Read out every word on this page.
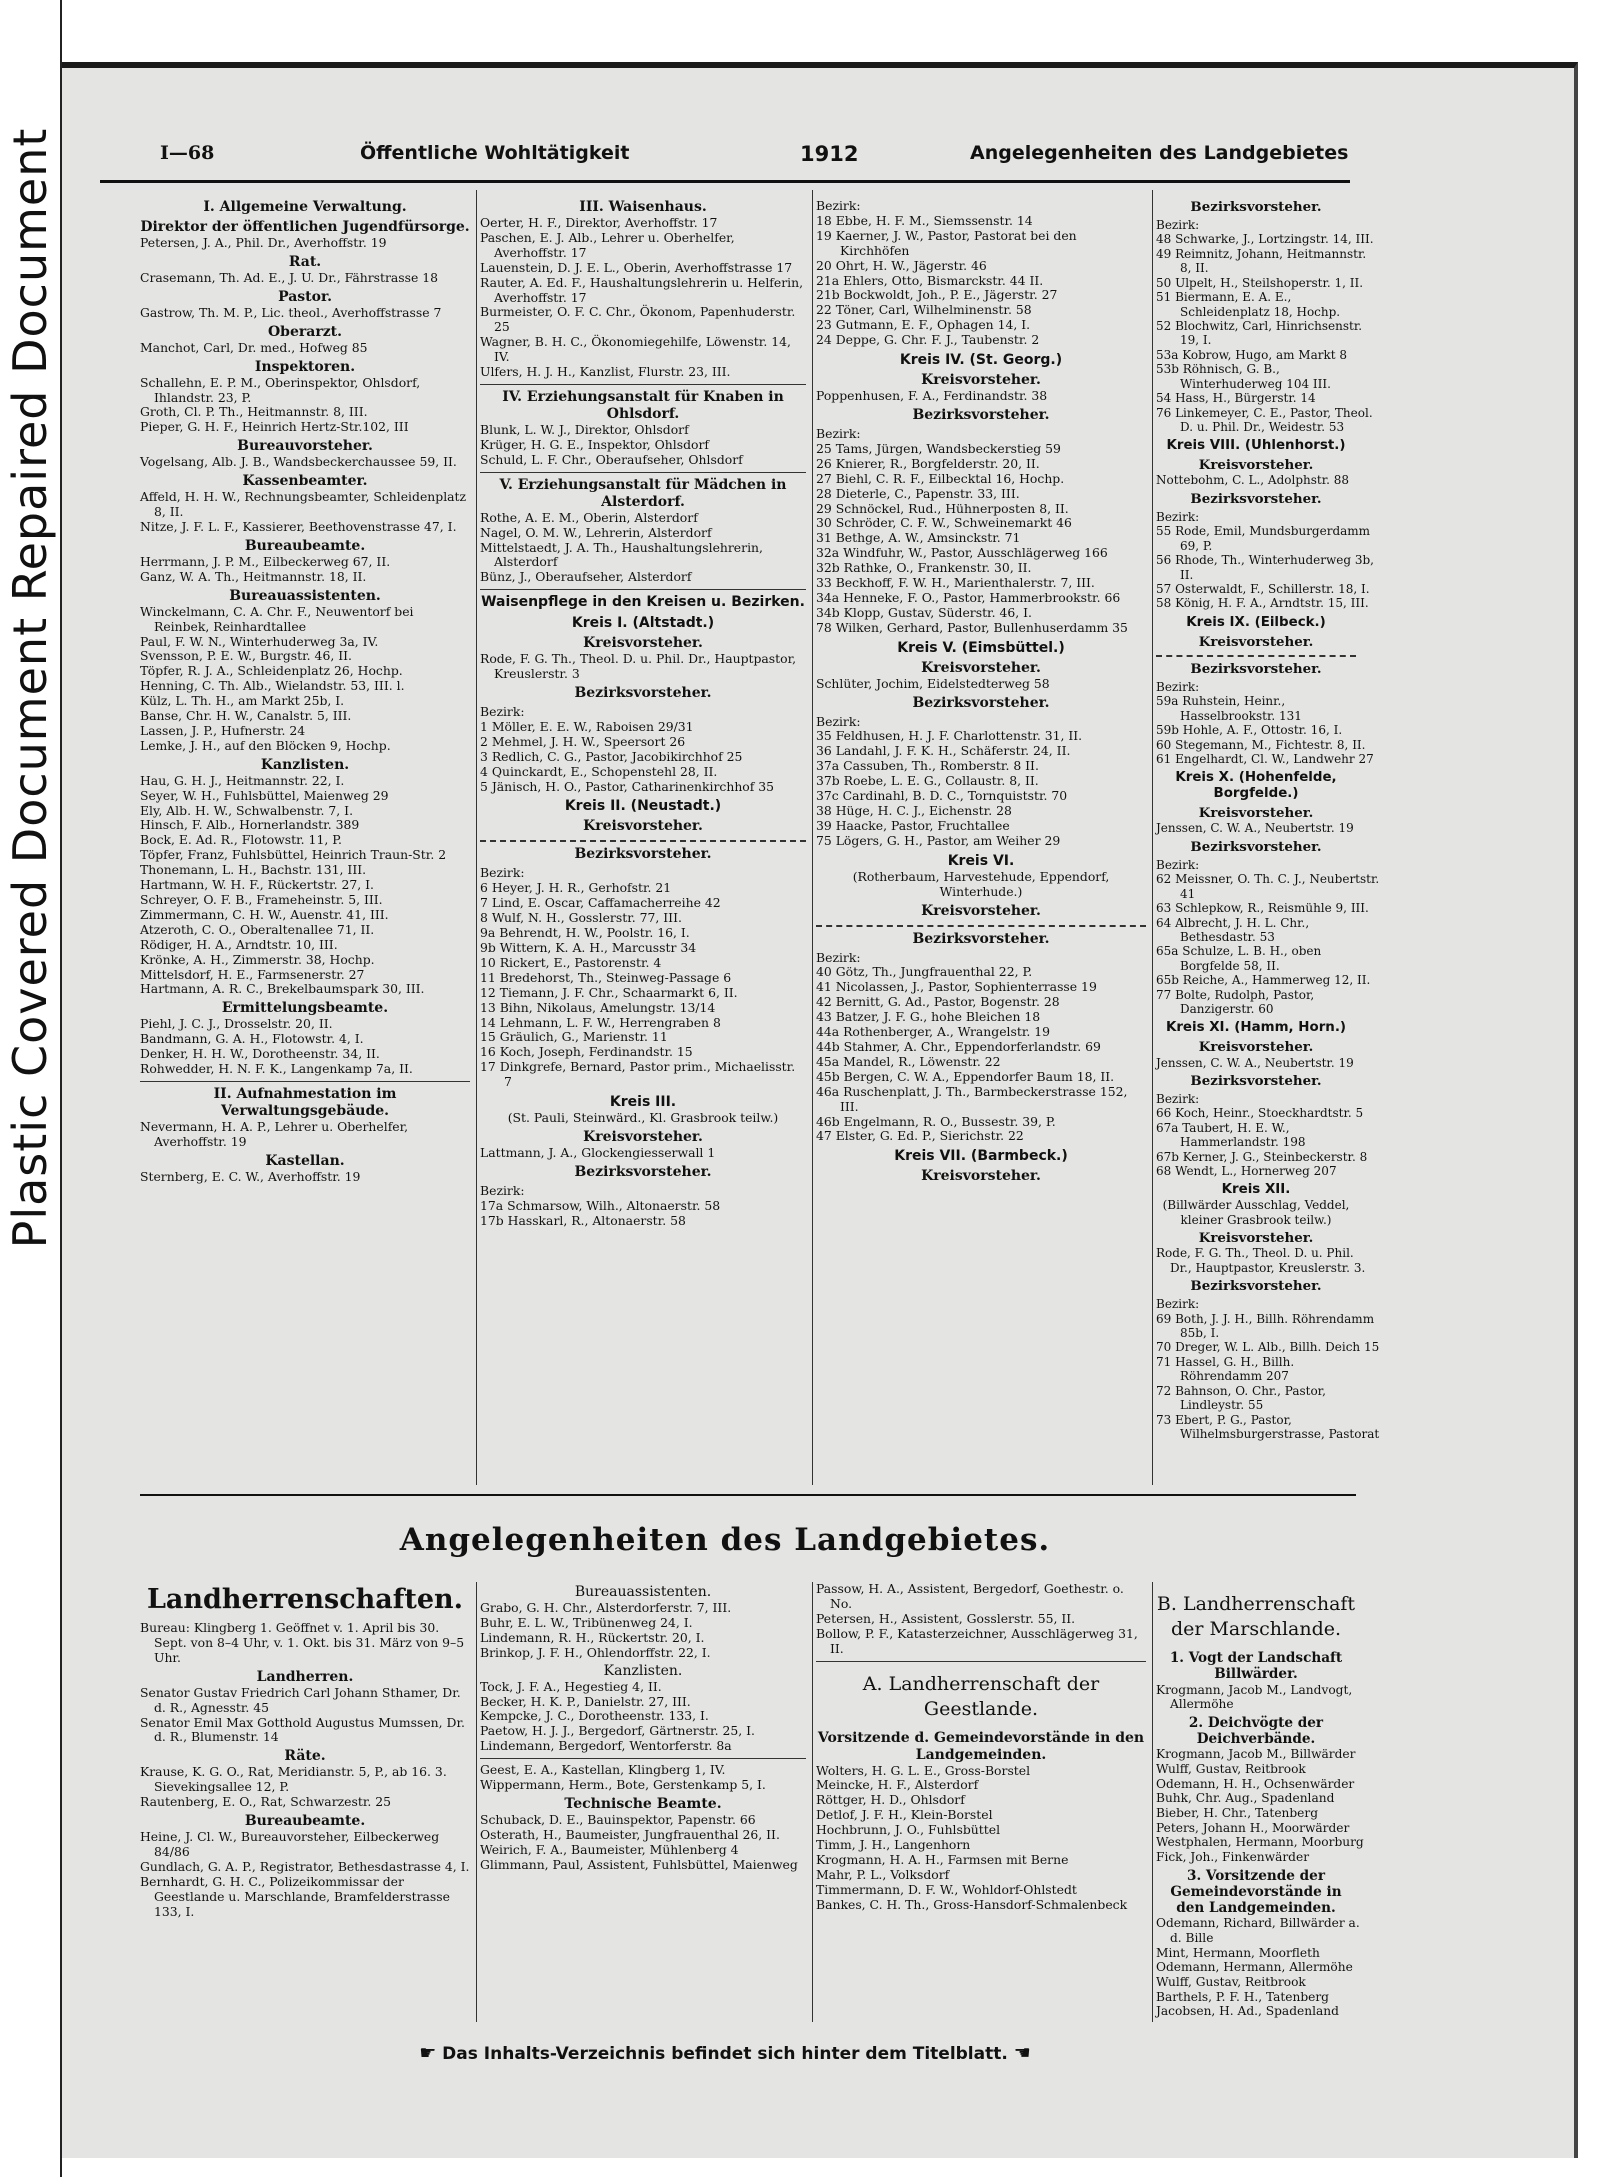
Plastic Covered Document Repaired Document	I—68	Öffentliche Wohltätigkeit	1912	Angelegenheiten des Landgebietes
I. Allgemeine Verwaltung.
Direktor der öffentlichen Jugendfürsorge.
Petersen, J. A., Phil. Dr., Averhoffstr. 19
Rat.
Crasemann, Th. Ad. E., J. U. Dr., Fährstrasse 18
Pastor.
Gastrow, Th. M. P., Lic. theol., Averhoffstrasse 7
Oberarzt.
Manchot, Carl, Dr. med., Hofweg 85
Inspektoren.
Schallehn, E. P. M., Oberinspektor, Ohlsdorf, Ihlandstr. 23, P.
Groth, Cl. P. Th., Heitmannstr. 8, III.
Pieper, G. H. F., Heinrich Hertz-Str.102, III
Bureauvorsteher.
Vogelsang, Alb. J. B., Wandsbeckerchaussee 59, II.
Kassenbeamter.
Affeld, H. H. W., Rechnungsbeamter, Schleidenplatz 8, II.
Nitze, J. F. L. F., Kassierer, Beethovenstrasse 47, I.
Bureaubeamte.
Herrmann, J. P. M., Eilbeckerweg 67, II.
Ganz, W. A. Th., Heitmannstr. 18, II.
Bureauassistenten.
Winckelmann, C. A. Chr. F., Neuwentorf bei Reinbek, Reinhardtallee
Paul, F. W. N., Winterhuderweg 3a, IV.
Svensson, P. E. W., Burgstr. 46, II.
Töpfer, R. J. A., Schleidenplatz 26, Hochp.
Henning, C. Th. Alb., Wielandstr. 53, III. l.
Külz, L. Th. H., am Markt 25b, I.
Banse, Chr. H. W., Canalstr. 5, III.
Lassen, J. P., Hufnerstr. 24
Lemke, J. H., auf den Blöcken 9, Hochp.
Kanzlisten.
Hau, G. H. J., Heitmannstr. 22, I.
Seyer, W. H., Fuhlsbüttel, Maienweg 29
Ely, Alb. H. W., Schwalbenstr. 7, I.
Hinsch, F. Alb., Hornerlandstr. 389
Bock, E. Ad. R., Flotowstr. 11, P.
Töpfer, Franz, Fuhlsbüttel, Heinrich Traun-Str. 2
Thonemann, L. H., Bachstr. 131, III.
Hartmann, W. H. F., Rückertstr. 27, I.
Schreyer, O. F. B., Frameheinstr. 5, III.
Zimmermann, C. H. W., Auenstr. 41, III.
Atzeroth, C. O., Oberaltenallee 71, II.
Rödiger, H. A., Arndtstr. 10, III.
Krönke, A. H., Zimmerstr. 38, Hochp.
Mittelsdorf, H. E., Farmsenerstr. 27
Hartmann, A. R. C., Brekelbaumspark 30, III.
Ermittelungsbeamte.
Piehl, J. C. J., Drosselstr. 20, II.
Bandmann, G. A. H., Flotowstr. 4, I.
Denker, H. H. W., Dorotheenstr. 34, II.
Rohwedder, H. N. F. K., Langenkamp 7a, II.
II. Aufnahmestation im Verwaltungsgebäude.
Nevermann, H. A. P., Lehrer u. Oberhelfer, Averhoffstr. 19
Kastellan.
Sternberg, E. C. W., Averhoffstr. 19
III. Waisenhaus.
Oerter, H. F., Direktor, Averhoffstr. 17
Paschen, E. J. Alb., Lehrer u. Oberhelfer, Averhoffstr. 17
Lauenstein, D. J. E. L., Oberin, Averhoffstrasse 17
Rauter, A. Ed. F., Haushaltungslehrerin u. Helferin, Averhoffstr. 17
Burmeister, O. F. C. Chr., Ökonom, Papenhuderstr. 25
Wagner, B. H. C., Ökonomiegehilfe, Löwenstr. 14, IV.
Ulfers, H. J. H., Kanzlist, Flurstr. 23, III.
IV. Erziehungsanstalt für Knaben in Ohlsdorf.
Blunk, L. W. J., Direktor, Ohlsdorf
Krüger, H. G. E., Inspektor, Ohlsdorf
Schuld, L. F. Chr., Oberaufseher, Ohlsdorf
V. Erziehungsanstalt für Mädchen in Alsterdorf.
Rothe, A. E. M., Oberin, Alsterdorf
Nagel, O. M. W., Lehrerin, Alsterdorf
Mittelstaedt, J. A. Th., Haushaltungslehrerin, Alsterdorf
Bünz, J., Oberaufseher, Alsterdorf
Waisenpflege in den Kreisen u. Bezirken.
Kreis I. (Altstadt.)
Kreisvorsteher.
Rode, F. G. Th., Theol. D. u. Phil. Dr., Hauptpastor, Kreuslerstr. 3
Bezirksvorsteher.
Bezirk:
1 Möller, E. E. W., Raboisen 29/31
2 Mehmel, J. H. W., Speersort 26
3 Redlich, C. G., Pastor, Jacobikirchhof 25
4 Quinckardt, E., Schopenstehl 28, II.
5 Jänisch, H. O., Pastor, Catharinenkirchhof 35
Kreis II. (Neustadt.)
Kreisvorsteher.
Bezirksvorsteher.
Bezirk:
6 Heyer, J. H. R., Gerhofstr. 21
7 Lind, E. Oscar, Caffamacherreihe 42
8 Wulf, N. H., Gosslerstr. 77, III.
9a Behrendt, H. W., Poolstr. 16, I.
9b Wittern, K. A. H., Marcusstr 34
10 Rickert, E., Pastorenstr. 4
11 Bredehorst, Th., Steinweg-Passage 6
12 Tiemann, J. F. Chr., Schaarmarkt 6, II.
13 Bihn, Nikolaus, Amelungstr. 13/14
14 Lehmann, L. F. W., Herrengraben 8
15 Gräulich, G., Marienstr. 11
16 Koch, Joseph, Ferdinandstr. 15
17 Dinkgrefe, Bernard, Pastor prim., Michaelisstr. 7
Kreis III.
(St. Pauli, Steinwärd., Kl. Grasbrook teilw.)
Kreisvorsteher.
Lattmann, J. A., Glockengiesserwall 1
Bezirksvorsteher.
Bezirk:
17a Schmarsow, Wilh., Altonaerstr. 58
17b Hasskarl, R., Altonaerstr. 58
Bezirk:
18 Ebbe, H. F. M., Siemssenstr. 14
19 Kaerner, J. W., Pastor, Pastorat bei den Kirchhöfen
20 Ohrt, H. W., Jägerstr. 46
21a Ehlers, Otto, Bismarckstr. 44 II.
21b Bockwoldt, Joh., P. E., Jägerstr. 27
22 Töner, Carl, Wilhelminenstr. 58
23 Gutmann, E. F., Ophagen 14, I.
24 Deppe, G. Chr. F. J., Taubenstr. 2
Kreis IV. (St. Georg.)
Kreisvorsteher.
Poppenhusen, F. A., Ferdinandstr. 38
Bezirksvorsteher.
Bezirk:
25 Tams, Jürgen, Wandsbeckerstieg 59
26 Knierer, R., Borgfelderstr. 20, II.
27 Biehl, C. R. F., Eilbecktal 16, Hochp.
28 Dieterle, C., Papenstr. 33, III.
29 Schnöckel, Rud., Hühnerposten 8, II.
30 Schröder, C. F. W., Schweinemarkt 46
31 Bethge, A. W., Amsinckstr. 71
32a Windfuhr, W., Pastor, Ausschlägerweg 166
32b Rathke, O., Frankenstr. 30, II.
33 Beckhoff, F. W. H., Marienthalerstr. 7, III.
34a Henneke, F. O., Pastor, Hammerbrookstr. 66
34b Klopp, Gustav, Süderstr. 46, I.
78 Wilken, Gerhard, Pastor, Bullenhuserdamm 35
Kreis V. (Eimsbüttel.)
Kreisvorsteher.
Schlüter, Jochim, Eidelstedterweg 58
Bezirksvorsteher.
Bezirk:
35 Feldhusen, H. J. F. Charlottenstr. 31, II.
36 Landahl, J. F. K. H., Schäferstr. 24, II.
37a Cassuben, Th., Romberstr. 8 II.
37b Roebe, L. E. G., Collaustr. 8, II.
37c Cardinahl, B. D. C., Tornquiststr. 70
38 Hüge, H. C. J., Eichenstr. 28
39 Haacke, Pastor, Fruchtallee
75 Lögers, G. H., Pastor, am Weiher 29
Kreis VI.
(Rotherbaum, Harvestehude, Eppendorf, Winterhude.)
Kreisvorsteher.
Bezirksvorsteher.
Bezirk:
40 Götz, Th., Jungfrauenthal 22, P.
41 Nicolassen, J., Pastor, Sophienterrasse 19
42 Bernitt, G. Ad., Pastor, Bogenstr. 28
43 Batzer, J. F. G., hohe Bleichen 18
44a Rothenberger, A., Wrangelstr. 19
44b Stahmer, A. Chr., Eppendorferlandstr. 69
45a Mandel, R., Löwenstr. 22
45b Bergen, C. W. A., Eppendorfer Baum 18, II.
46a Ruschenplatt, J. Th., Barmbeckerstrasse 152, III.
46b Engelmann, R. O., Bussestr. 39, P.
47 Elster, G. Ed. P., Sierichstr. 22
Kreis VII. (Barmbeck.)
Kreisvorsteher.
Bezirksvorsteher.
Bezirk:
48 Schwarke, J., Lortzingstr. 14, III.
49 Reimnitz, Johann, Heitmannstr. 8, II.
50 Ulpelt, H., Steilshoperstr. 1, II.
51 Biermann, E. A. E., Schleidenplatz 18, Hochp.
52 Blochwitz, Carl, Hinrichsenstr. 19, I.
53a Kobrow, Hugo, am Markt 8
53b Röhnisch, G. B., Winterhuderweg 104 III.
54 Hass, H., Bürgerstr. 14
76 Linkemeyer, C. E., Pastor, Theol. D. u. Phil. Dr., Weidestr. 53
Kreis VIII. (Uhlenhorst.)
Kreisvorsteher.
Nottebohm, C. L., Adolphstr. 88
Bezirksvorsteher.
Bezirk:
55 Rode, Emil, Mundsburgerdamm 69, P.
56 Rhode, Th., Winterhuderweg 3b, II.
57 Osterwaldt, F., Schillerstr. 18, I.
58 König, H. F. A., Arndtstr. 15, III.
Kreis IX. (Eilbeck.)
Kreisvorsteher.
Bezirksvorsteher.
Bezirk:
59a Ruhstein, Heinr., Hasselbrookstr. 131
59b Hohle, A. F., Ottostr. 16, I.
60 Stegemann, M., Fichtestr. 8, II.
61 Engelhardt, Cl. W., Landwehr 27
Kreis X. (Hohenfelde, Borgfelde.)
Kreisvorsteher.
Jenssen, C. W. A., Neubertstr. 19
Bezirksvorsteher.
Bezirk:
62 Meissner, O. Th. C. J., Neubertstr. 41
63 Schlepkow, R., Reismühle 9, III.
64 Albrecht, J. H. L. Chr., Bethesdastr. 53
65a Schulze, L. B. H., oben Borgfelde 58, II.
65b Reiche, A., Hammerweg 12, II.
77 Bolte, Rudolph, Pastor, Danzigerstr. 60
Kreis XI. (Hamm, Horn.)
Kreisvorsteher.
Jenssen, C. W. A., Neubertstr. 19
Bezirksvorsteher.
Bezirk:
66 Koch, Heinr., Stoeckhardtstr. 5
67a Taubert, H. E. W., Hammerlandstr. 198
67b Kerner, J. G., Steinbeckerstr. 8
68 Wendt, L., Hornerweg 207
Kreis XII.
(Billwärder Ausschlag, Veddel, kleiner Grasbrook teilw.)
Kreisvorsteher.
Rode, F. G. Th., Theol. D. u. Phil. Dr., Hauptpastor, Kreuslerstr. 3.
Bezirksvorsteher.
Bezirk:
69 Both, J. J. H., Billh. Röhrendamm 85b, I.
70 Dreger, W. L. Alb., Billh. Deich 15
71 Hassel, G. H., Billh. Röhrendamm 207
72 Bahnson, O. Chr., Pastor, Lindleystr. 55
73 Ebert, P. G., Pastor, Wilhelmsburgerstrasse, Pastorat
Angelegenheiten des Landgebietes.
Landherrenschaften.
Bureau: Klingberg 1. Geöffnet v. 1. April bis 30. Sept. von 8–4 Uhr, v. 1. Okt. bis 31. März von 9–5 Uhr.
Landherren.
Senator Gustav Friedrich Carl Johann Sthamer, Dr. d. R., Agnesstr. 45
Senator Emil Max Gotthold Augustus Mumssen, Dr. d. R., Blumenstr. 14
Räte.
Krause, K. G. O., Rat, Meridianstr. 5, P., ab 16. 3. Sievekingsallee 12, P.
Rautenberg, E. O., Rat, Schwarzestr. 25
Bureaubeamte.
Heine, J. Cl. W., Bureauvorsteher, Eilbeckerweg 84/86
Gundlach, G. A. P., Registrator, Bethesdastrasse 4, I.
Bernhardt, G. H. C., Polizeikommissar der Geestlande u. Marschlande, Bramfelderstrasse 133, I.
Bureauassistenten.
Grabo, G. H. Chr., Alsterdorferstr. 7, III.
Buhr, E. L. W., Tribünenweg 24, I.
Lindemann, R. H., Rückertstr. 20, I.
Brinkop, J. F. H., Ohlendorffstr. 22, I.
Kanzlisten.
Tock, J. F. A., Hegestieg 4, II.
Becker, H. K. P., Danielstr. 27, III.
Kempcke, J. C., Dorotheenstr. 133, I.
Paetow, H. J. J., Bergedorf, Gärtnerstr. 25, I.
Lindemann, Bergedorf, Wentorferstr. 8a
Geest, E. A., Kastellan, Klingberg 1, IV.
Wippermann, Herm., Bote, Gerstenkamp 5, I.
Technische Beamte.
Schuback, D. E., Bauinspektor, Papenstr. 66
Osterath, H., Baumeister, Jungfrauenthal 26, II.
Weirich, F. A., Baumeister, Mühlenberg 4
Glimmann, Paul, Assistent, Fuhlsbüttel, Maienweg
Passow, H. A., Assistent, Bergedorf, Goethestr. o. No.
Petersen, H., Assistent, Gosslerstr. 55, II.
Bollow, P. F., Katasterzeichner, Ausschlägerweg 31, II.
A. Landherrenschaft der Geestlande.
Vorsitzende d. Gemeindevorstände in den Landgemeinden.
Wolters, H. G. L. E., Gross-Borstel
Meincke, H. F., Alsterdorf
Röttger, H. D., Ohlsdorf
Detlof, J. F. H., Klein-Borstel
Hochbrunn, J. O., Fuhlsbüttel
Timm, J. H., Langenhorn
Krogmann, H. A. H., Farmsen mit Berne
Mahr, P. L., Volksdorf
Timmermann, D. F. W., Wohldorf-Ohlstedt
Bankes, C. H. Th., Gross-Hansdorf-Schmalenbeck
B. Landherrenschaft der Marschlande.
1. Vogt der Landschaft Billwärder.
Krogmann, Jacob M., Landvogt, Allermöhe
2. Deichvögte der Deichverbände.
Krogmann, Jacob M., Billwärder
Wulff, Gustav, Reitbrook
Odemann, H. H., Ochsenwärder
Buhk, Chr. Aug., Spadenland
Bieber, H. Chr., Tatenberg
Peters, Johann H., Moorwärder
Westphalen, Hermann, Moorburg
Fick, Joh., Finkenwärder
3. Vorsitzende der Gemeindevorstände in den Landgemeinden.
Odemann, Richard, Billwärder a. d. Bille
Mint, Hermann, Moorfleth
Odemann, Hermann, Allermöhe
Wulff, Gustav, Reitbrook
Barthels, P. F. H., Tatenberg
Jacobsen, H. Ad., Spadenland
☛ Das Inhalts-Verzeichnis befindet sich hinter dem Titelblatt. ☚
